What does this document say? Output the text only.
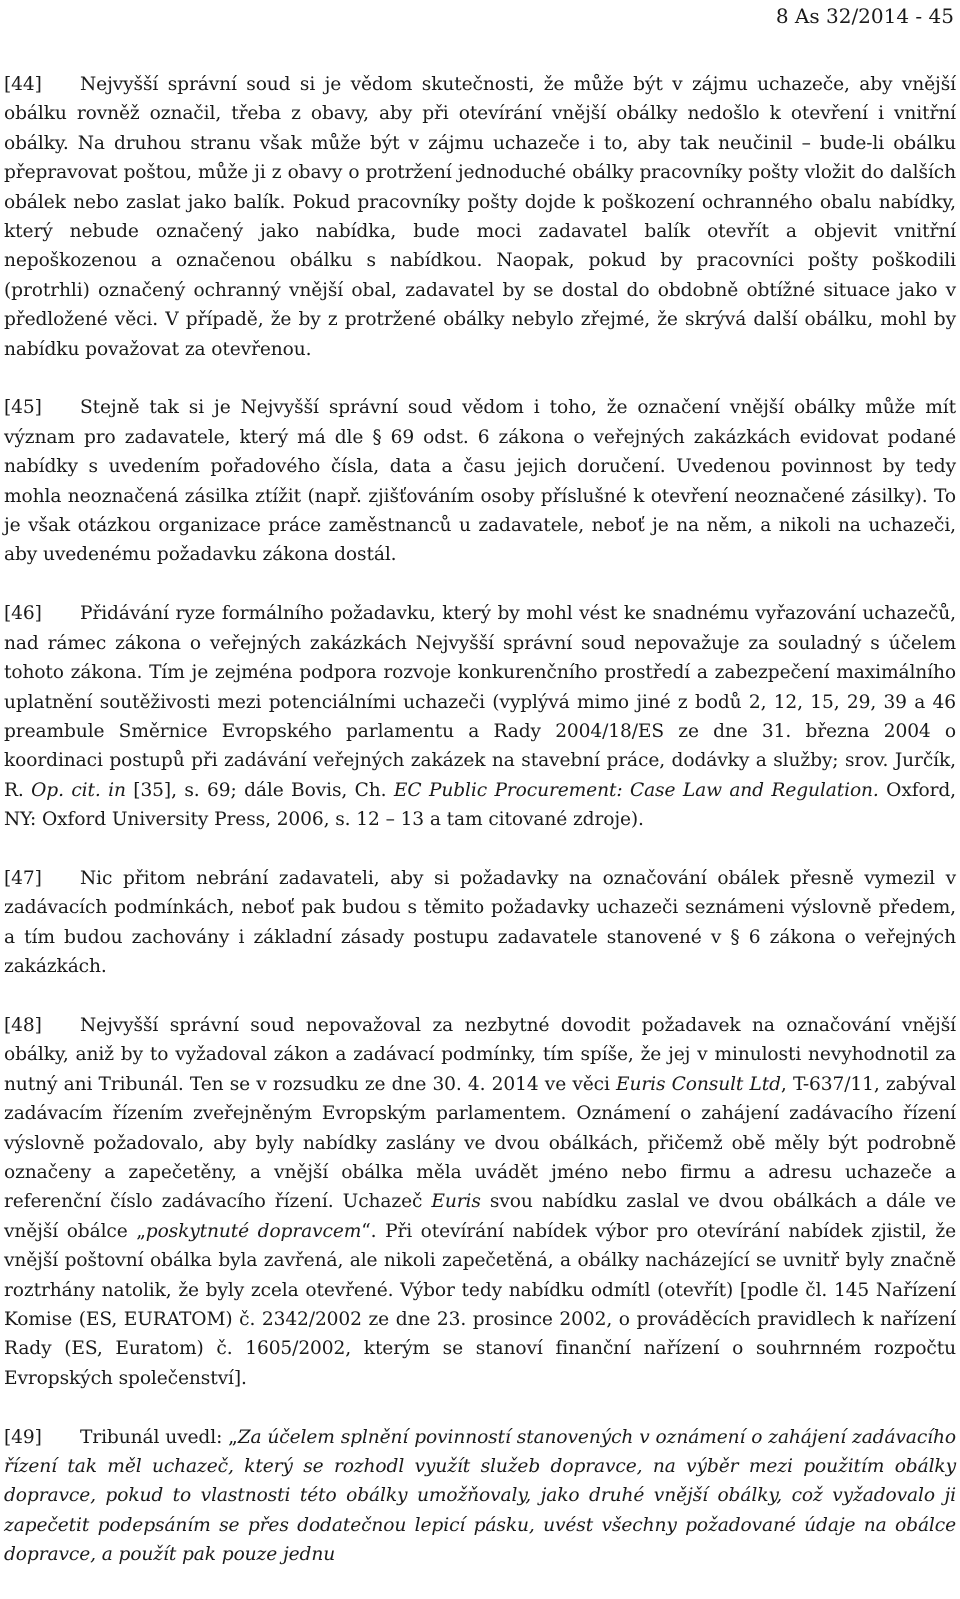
8 As 32/2014 - 45

[44] Nejvyšší správní soud si je vědom skutečnosti, že může být v zájmu uchazeče, aby vnější obálku rovněž označil, třeba z obavy, aby při otevírání vnější obálky nedošlo k otevření i vnitřní obálky. Na druhou stranu však může být v zájmu uchazeče i to, aby tak neučinil – bude-li obálku přepravovat poštou, může ji z obavy o protržení jednoduché obálky pracovníky pošty vložit do dalších obálek nebo zaslat jako balík. Pokud pracovníky pošty dojde k poškození ochranného obalu nabídky, který nebude označený jako nabídka, bude moci zadavatel balík otevřít a objevit vnitřní nepoškozenou a označenou obálku s nabídkou. Naopak, pokud by pracovníci pošty poškodili (protrhli) označený ochranný vnější obal, zadavatel by se dostal do obdobně obtížné situace jako v předložené věci. V případě, že by z protržené obálky nebylo zřejmé, že skrývá další obálku, mohl by nabídku považovat za otevřenou.

[45] Stejně tak si je Nejvyšší správní soud vědom i toho, že označení vnější obálky může mít význam pro zadavatele, který má dle § 69 odst. 6 zákona o veřejných zakázkách evidovat podané nabídky s uvedením pořadového čísla, data a času jejich doručení. Uvedenou povinnost by tedy mohla neoznačená zásilka ztížit (např. zjišťováním osoby příslušné k otevření neoznačené zásilky). To je však otázkou organizace práce zaměstnanců u zadavatele, neboť je na něm, a nikoli na uchazeči, aby uvedenému požadavku zákona dostál.

[46] Přidávání ryze formálního požadavku, který by mohl vést ke snadnému vyřazování uchazečů, nad rámec zákona o veřejných zakázkách Nejvyšší správní soud nepovažuje za souladný s účelem tohoto zákona. Tím je zejména podpora rozvoje konkurenčního prostředí a zabezpečení maximálního uplatnění soutěživosti mezi potenciálními uchazeči (vyplývá mimo jiné z bodů 2, 12, 15, 29, 39 a 46 preambule Směrnice Evropského parlamentu a Rady 2004/18/ES ze dne 31. března 2004 o koordinaci postupů při zadávání veřejných zakázek na stavební práce, dodávky a služby; srov. Jurčík, R. Op. cit. in [35], s. 69; dále Bovis, Ch. EC Public Procurement: Case Law and Regulation. Oxford, NY: Oxford University Press, 2006, s. 12 – 13 a tam citované zdroje).

[47] Nic přitom nebrání zadavateli, aby si požadavky na označování obálek přesně vymezil v zadávacích podmínkách, neboť pak budou s těmito požadavky uchazeči seznámeni výslovně předem, a tím budou zachovány i základní zásady postupu zadavatele stanovené v § 6 zákona o veřejných zakázkách.

[48] Nejvyšší správní soud nepovažoval za nezbytné dovodit požadavek na označování vnější obálky, aniž by to vyžadoval zákon a zadávací podmínky, tím spíše, že jej v minulosti nevyhodnotil za nutný ani Tribunál. Ten se v rozsudku ze dne 30. 4. 2014 ve věci Euris Consult Ltd, T-637/11, zabýval zadávacím řízením zveřejněným Evropským parlamentem. Oznámení o zahájení zadávacího řízení výslovně požadovalo, aby byly nabídky zaslány ve dvou obálkách, přičemž obě měly být podrobně označeny a zapečetěny, a vnější obálka měla uvádět jméno nebo firmu a adresu uchazeče a referenční číslo zadávacího řízení. Uchazeč Euris svou nabídku zaslal ve dvou obálkách a dále ve vnější obálce „poskytnuté dopravcem“. Při otevírání nabídek výbor pro otevírání nabídek zjistil, že vnější poštovní obálka byla zavřená, ale nikoli zapečetěná, a obálky nacházející se uvnitř byly značně roztrhány natolik, že byly zcela otevřené. Výbor tedy nabídku odmítl (otevřít) [podle čl. 145 Nařízení Komise (ES, EURATOM) č. 2342/2002 ze dne 23. prosince 2002, o prováděcích pravidlech k nařízení Rady (ES, Euratom) č. 1605/2002, kterým se stanoví finanční nařízení o souhrnném rozpočtu Evropských společenství].

[49] Tribunál uvedl: „Za účelem splnění povinností stanovených v oznámení o zahájení zadávacího řízení tak měl uchazeč, který se rozhodl využít služeb dopravce, na výběr mezi použitím obálky dopravce, pokud to vlastnosti této obálky umožňovaly, jako druhé vnější obálky, což vyžadovalo ji zapečetit podepsáním se přes dodatečnou lepicí pásku, uvést všechny požadované údaje na obálce dopravce, a použít pak pouze jednu
